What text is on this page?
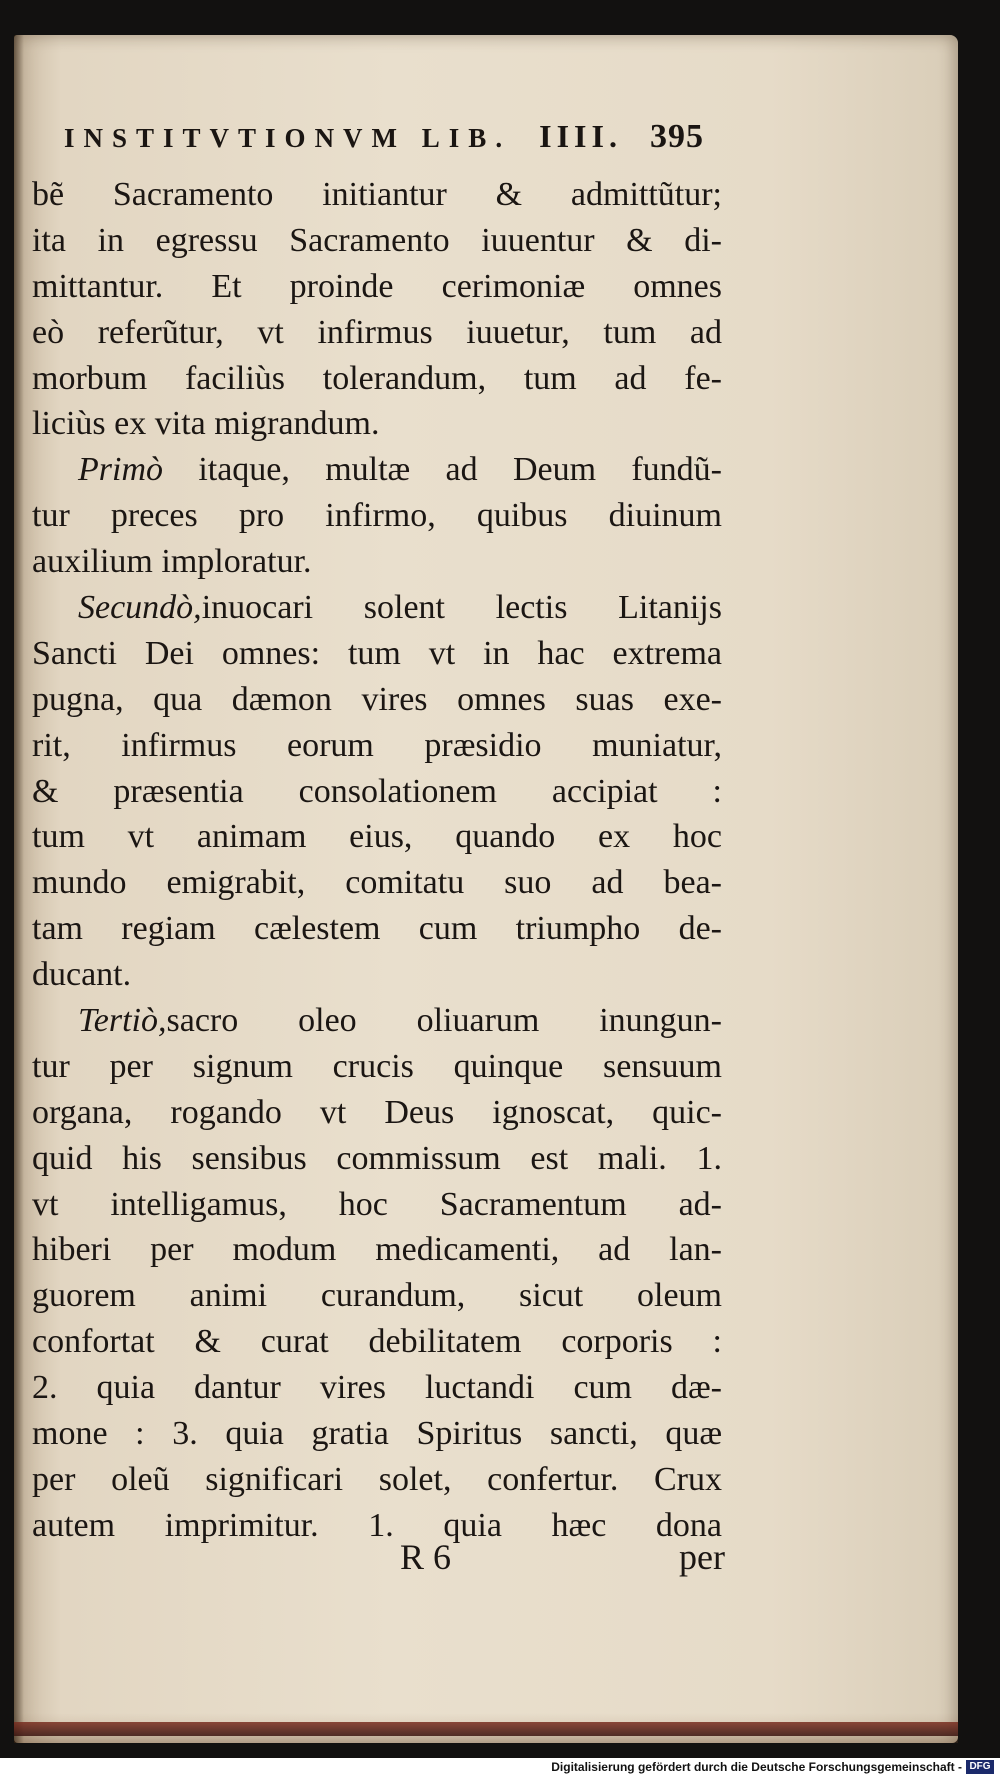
INSTITVTIONVM LIB. IIII. 395
bẽ Sacramento initiantur & admittũtur;
ita in egressu Sacramento iuuentur & di-
mittantur. Et proinde cerimoniæ omnes
eò referũtur, vt infirmus iuuetur, tum ad
morbum faciliùs tolerandum, tum ad fe-
liciùs ex vita migrandum.
Primò itaque, multæ ad Deum fundũ-
tur preces pro infirmo, quibus diuinum
auxilium imploratur.
Secundò,inuocari solent lectis Litanijs
Sancti Dei omnes: tum vt in hac extrema
pugna, qua dæmon vires omnes suas exe-
rit, infirmus eorum præsidio muniatur,
& præsentia consolationem accipiat :
tum vt animam eius, quando ex hoc
mundo emigrabit, comitatu suo ad bea-
tam regiam cælestem cum triumpho de-
ducant.
Tertiò,sacro oleo oliuarum inungun-
tur per signum crucis quinque sensuum
organa, rogando vt Deus ignoscat, quic-
quid his sensibus commissum est mali. 1.
vt intelligamus, hoc Sacramentum ad-
hiberi per modum medicamenti, ad lan-
guorem animi curandum, sicut oleum
confortat & curat debilitatem corporis :
2. quia dantur vires luctandi cum dæ-
mone : 3. quia gratia Spiritus sancti, quæ
per oleũ significari solet, confertur. Crux
autem imprimitur. 1. quia hæc dona
R 6	per
Digitalisierung gefördert durch die Deutsche Forschungsgemeinschaft - DFG
